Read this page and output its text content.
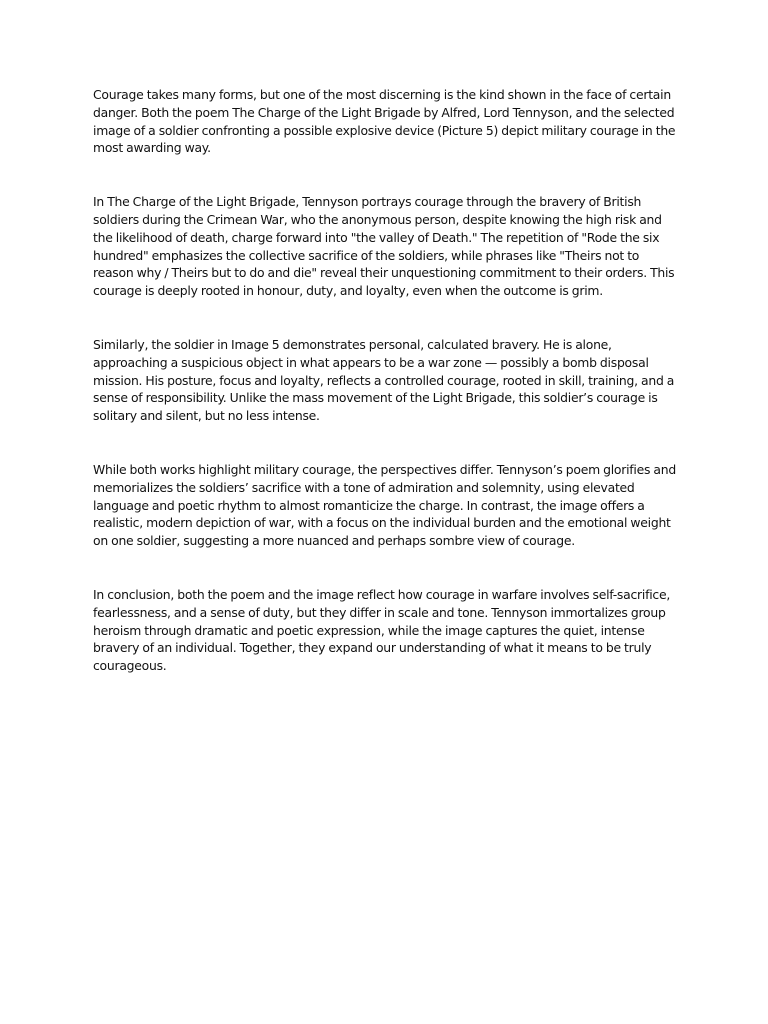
Courage takes many forms, but one of the most discerning is the kind shown in the face of certain danger. Both the poem The Charge of the Light Brigade by Alfred, Lord Tennyson, and the selected image of a soldier confronting a possible explosive device (Picture 5) depict military courage in the most awarding way.

In The Charge of the Light Brigade, Tennyson portrays courage through the bravery of British soldiers during the Crimean War, who the anonymous person, despite knowing the high risk and the likelihood of death, charge forward into "the valley of Death." The repetition of "Rode the six hundred" emphasizes the collective sacrifice of the soldiers, while phrases like "Theirs not to reason why / Theirs but to do and die" reveal their unquestioning commitment to their orders. This courage is deeply rooted in honour, duty, and loyalty, even when the outcome is grim.

Similarly, the soldier in Image 5 demonstrates personal, calculated bravery. He is alone, approaching a suspicious object in what appears to be a war zone — possibly a bomb disposal mission. His posture, focus and loyalty, reflects a controlled courage, rooted in skill, training, and a sense of responsibility. Unlike the mass movement of the Light Brigade, this soldier’s courage is solitary and silent, but no less intense.

While both works highlight military courage, the perspectives differ. Tennyson’s poem glorifies and memorializes the soldiers’ sacrifice with a tone of admiration and solemnity, using elevated language and poetic rhythm to almost romanticize the charge. In contrast, the image offers a realistic, modern depiction of war, with a focus on the individual burden and the emotional weight on one soldier, suggesting a more nuanced and perhaps sombre view of courage.

In conclusion, both the poem and the image reflect how courage in warfare involves self-sacrifice, fearlessness, and a sense of duty, but they differ in scale and tone. Tennyson immortalizes group heroism through dramatic and poetic expression, while the image captures the quiet, intense bravery of an individual. Together, they expand our understanding of what it means to be truly courageous.
